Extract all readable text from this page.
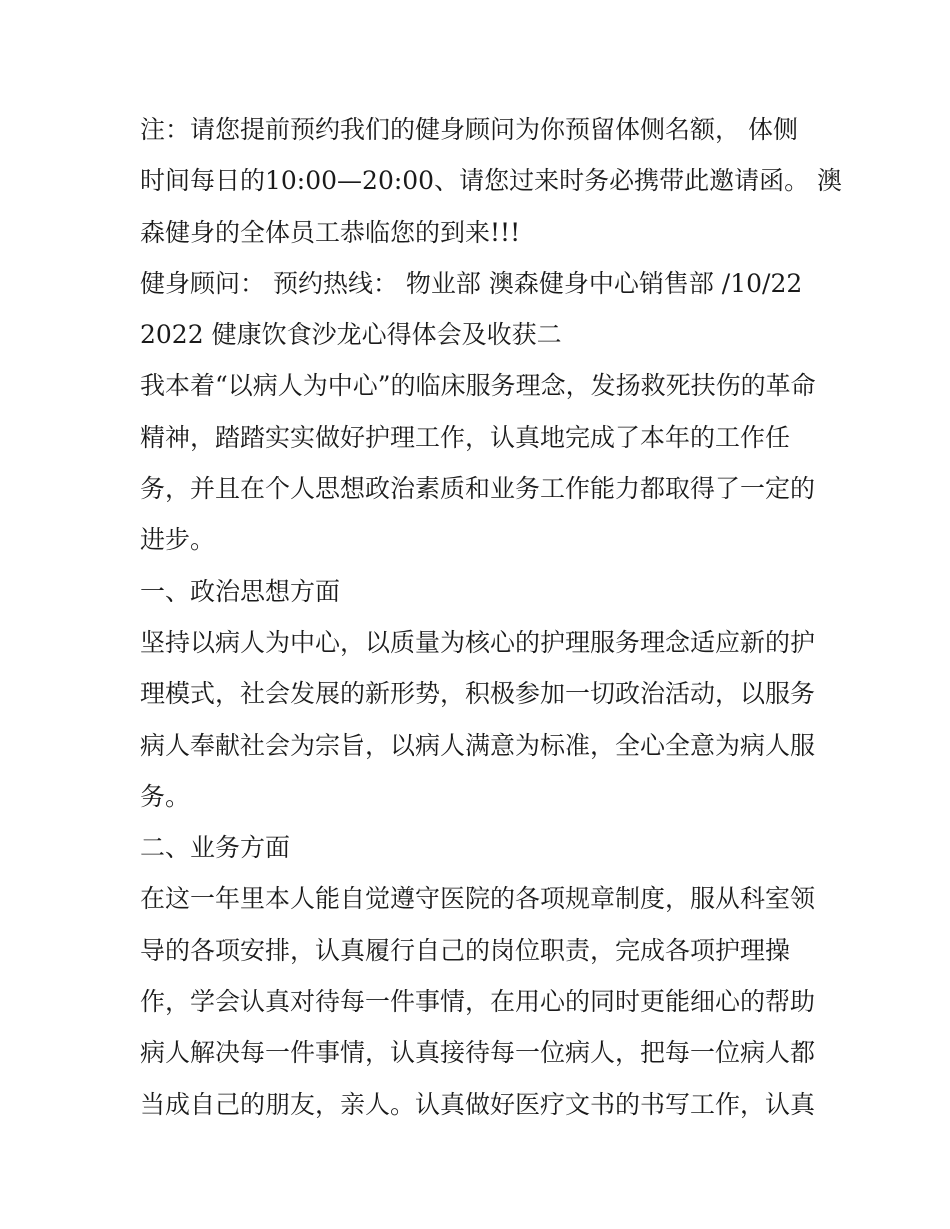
注：请您提前预约我们的健身顾问为你预留体侧名额， 体侧
时间每日的10:00—20:00、请您过来时务必携带此邀请函。 澳
森健身的全体员工恭临您的到来!!!
健身顾问： 预约热线： 物业部 澳森健身中心销售部 /10/22
2022 健康饮食沙龙心得体会及收获二
我本着“以病人为中心”的临床服务理念，发扬救死扶伤的革命
精神，踏踏实实做好护理工作，认真地完成了本年的工作任
务，并且在个人思想政治素质和业务工作能力都取得了一定的
进步。
一、政治思想方面
坚持以病人为中心，以质量为核心的护理服务理念适应新的护
理模式，社会发展的新形势，积极参加一切政治活动，以服务
病人奉献社会为宗旨，以病人满意为标准，全心全意为病人服
务。
二、业务方面
在这一年里本人能自觉遵守医院的各项规章制度，服从科室领
导的各项安排，认真履行自己的岗位职责，完成各项护理操
作，学会认真对待每一件事情，在用心的同时更能细心的帮助
病人解决每一件事情，认真接待每一位病人，把每一位病人都
当成自己的朋友，亲人。认真做好医疗文书的书写工作，认真
